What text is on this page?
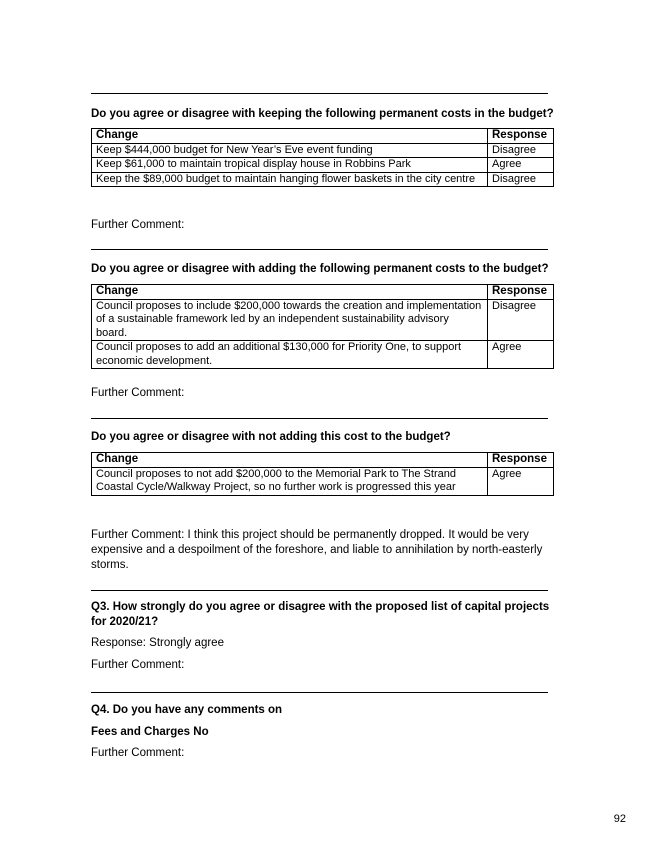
Do you agree or disagree with keeping the following permanent costs in the budget?
Change	Response
Keep $444,000 budget for New Year’s Eve event funding	Disagree
Keep $61,000 to maintain tropical display house in Robbins Park	Agree
Keep the $89,000 budget to maintain hanging flower baskets in the city centre	Disagree
Further Comment:
Do you agree or disagree with adding the following permanent costs to the budget?
Change	Response
Council proposes to include $200,000 towards the creation and implementation of a sustainable framework led by an independent sustainability advisory board.	Disagree
Council proposes to add an additional $130,000 for Priority One, to support economic development.	Agree
Further Comment:
Do you agree or disagree with not adding this cost to the budget?
Change	Response
Council proposes to not add $200,000 to the Memorial Park to The Strand Coastal Cycle/Walkway Project, so no further work is progressed this year	Agree
Further Comment: I think this project should be permanently dropped. It would be very expensive and a despoilment of the foreshore, and liable to annihilation by north-easterly storms.
Q3. How strongly do you agree or disagree with the proposed list of capital projects for 2020/21?
Response: Strongly agree
Further Comment:
Q4. Do you have any comments on
Fees and Charges No
Further Comment:
92
